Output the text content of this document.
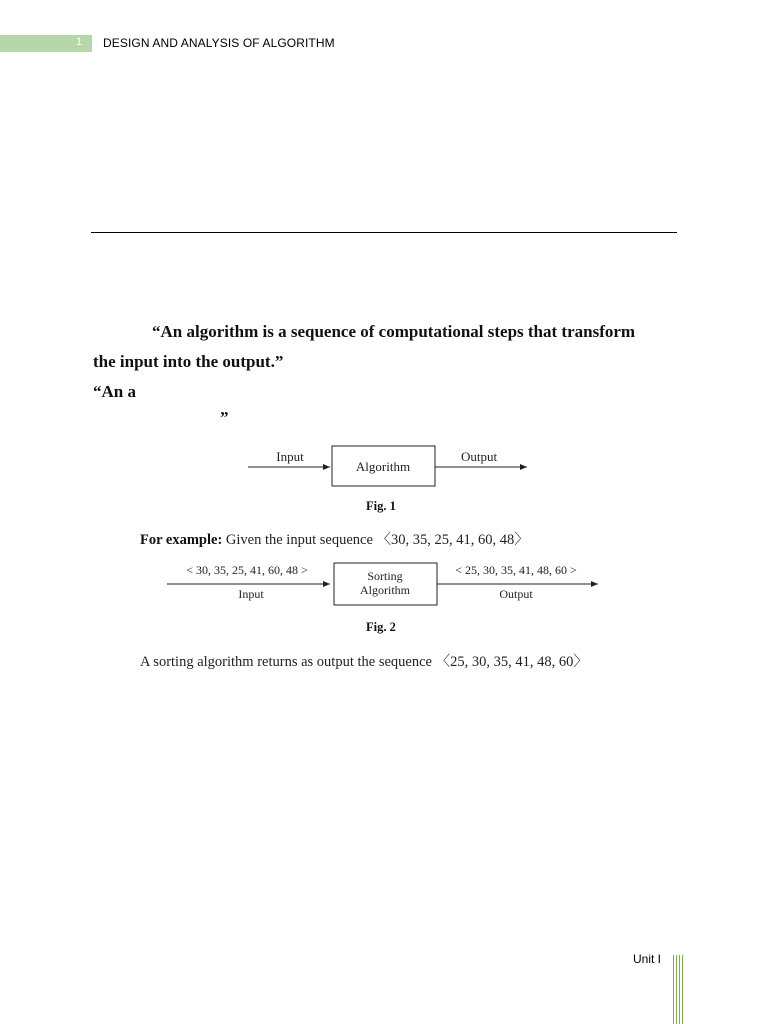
1	DESIGN AND ANALYSIS OF ALGORITHM
“An algorithm is a sequence of computational steps that transform
the input into the output.”
“An a
”
Input
Algorithm
Output
Fig. 1
For example: Given the input sequence 〈30, 35, 25, 41, 60, 48〉
< 30, 35, 25, 41, 60, 48 >
Input
Sorting
Algorithm
< 25, 30, 35, 41, 48, 60 >
Output
Fig. 2
A sorting algorithm returns as output the sequence 〈25, 30, 35, 41, 48, 60〉
Unit I
